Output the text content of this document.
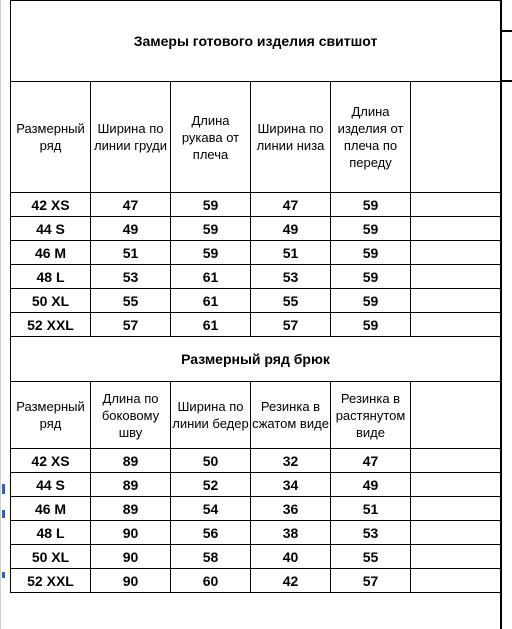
Замеры готового изделия свитшот					
Размерный ряд	Ширина по линии груди	Длина рукава от плеча	Ширина по линии низа	Длина изделия от плеча по переду	
42 XS	47	59	47	59	
44 S	49	59	49	59	
46 M	51	59	51	59	
48 L	53	61	53	59	
50 XL	55	61	55	59	
52 XXL	57	61	57	59	
Размерный ряд брюк					
Размерный ряд	Длина по боковому шву	Ширина по линии бедер	Резинка в сжатом виде	Резинка в растянутом виде	
42 XS	89	50	32	47	
44 S	89	52	34	49	
46 M	89	54	36	51	
48 L	90	56	38	53	
50 XL	90	58	40	55	
52 XXL	90	60	42	57	
